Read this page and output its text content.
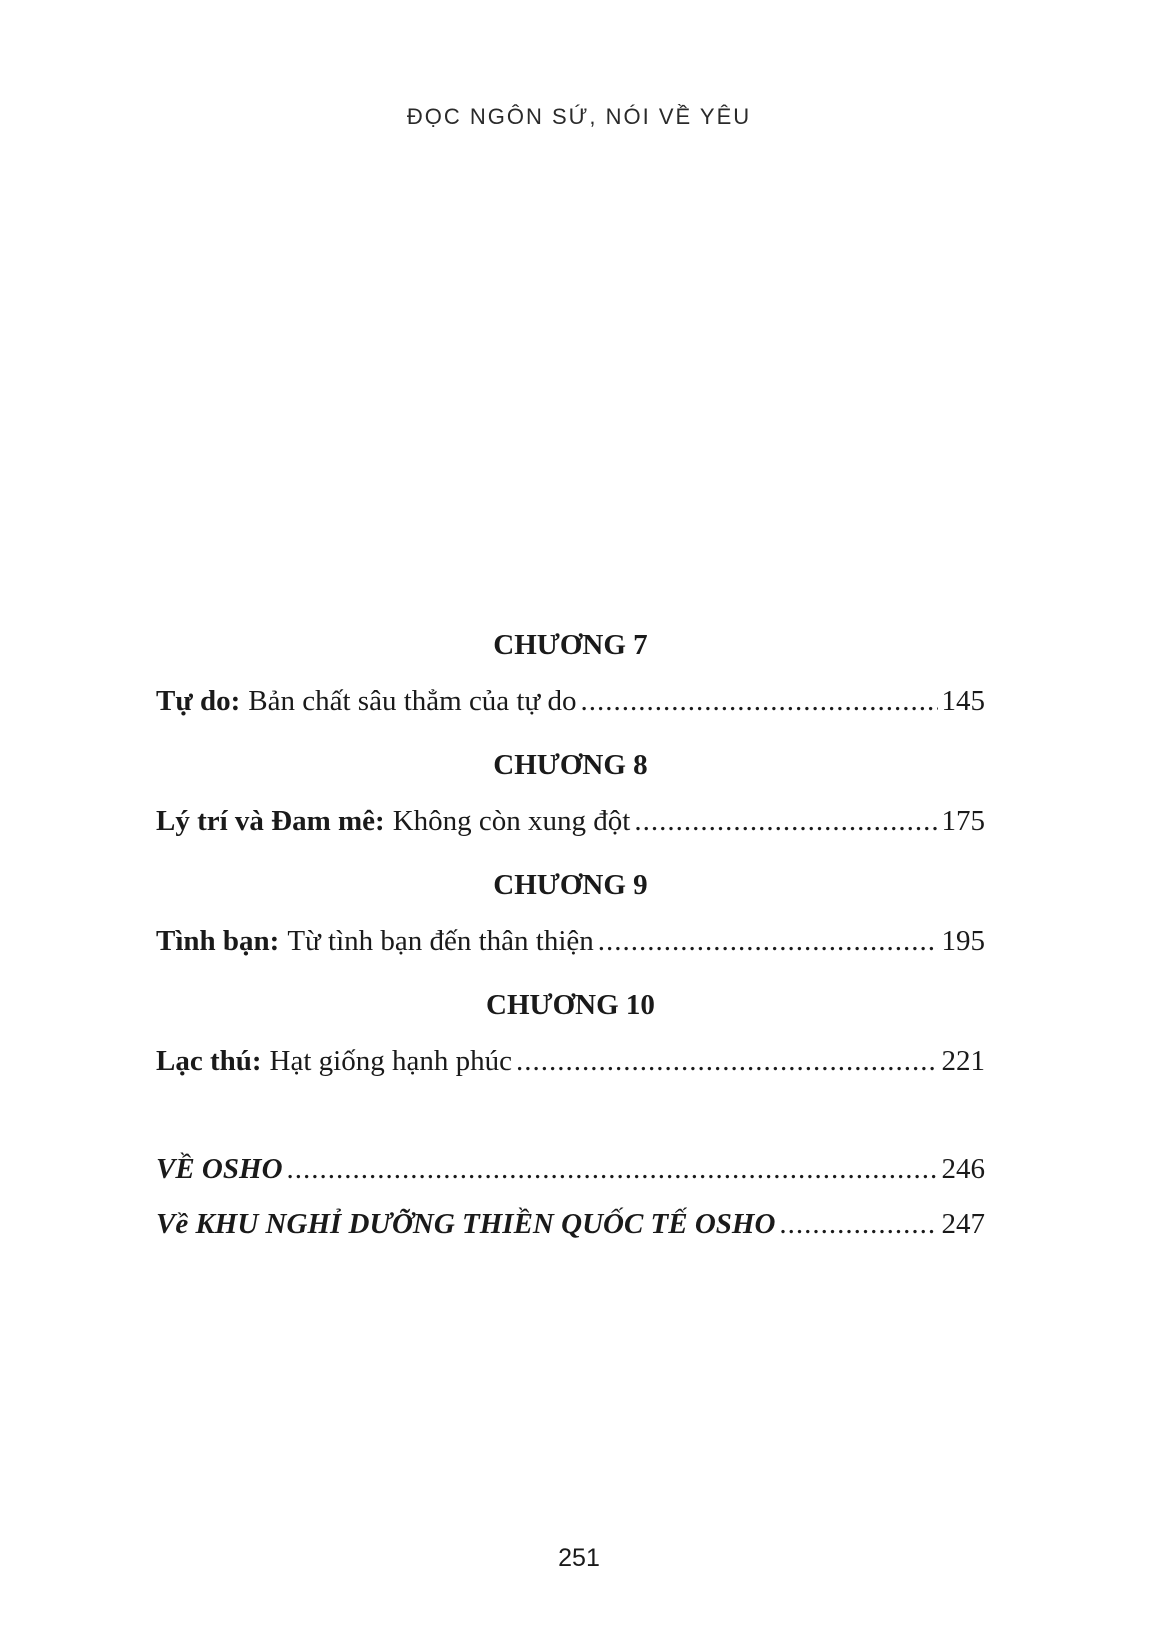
ĐỌC NGÔN SỨ, NÓI VỀ YÊU
CHƯƠNG 7
Tự do: Bản chất sâu thẳm của tự do .....	145
CHƯƠNG 8
Lý trí và Đam mê: Không còn xung đột .....	175
CHƯƠNG 9
Tình bạn: Từ tình bạn đến thân thiện .....	195
CHƯƠNG 10
Lạc thú: Hạt giống hạnh phúc .....	221
VỀ OSHO .....	246
Về KHU NGHỈ DƯỠNG THIỀN QUỐC TẾ OSHO .....	247
251
